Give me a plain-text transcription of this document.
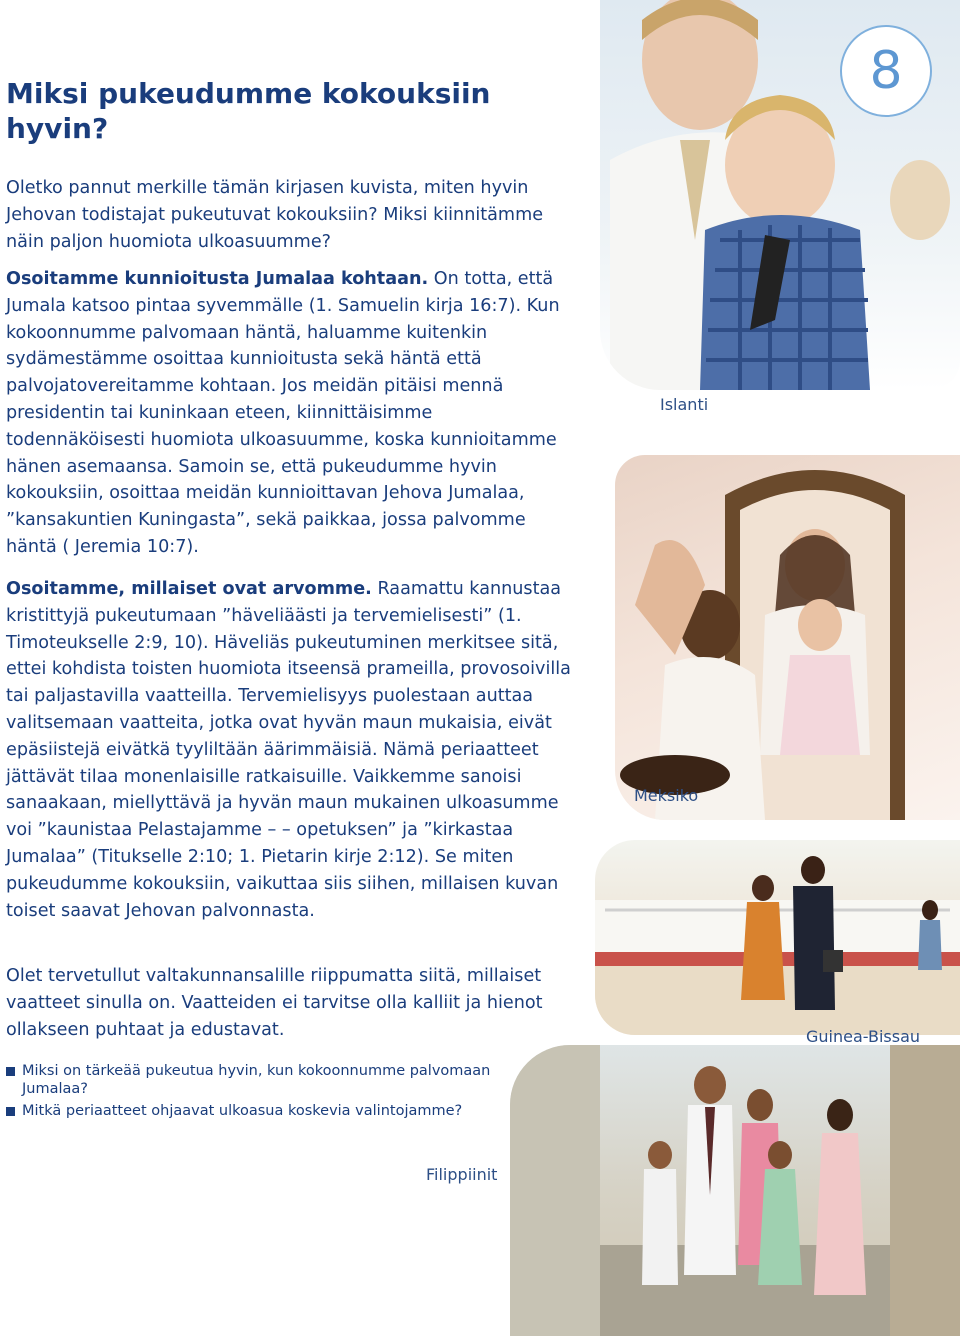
8
Islanti
Meksiko
Guinea-Bissau
Filippiinit
Miksi pukeudumme kokouksiin hyvin?

Oletko pannut merkille tämän kirjasen kuvista, miten hyvin Jehovan todistajat pukeutuvat kokouksiin? Miksi kiinnitämme näin paljon huomiota ulkoasuumme?

Osoitamme kunnioitusta Jumalaa kohtaan. On totta, että Jumala katsoo pintaa syvemmälle (1. Samuelin kirja 16:7). Kun kokoonnumme palvomaan häntä, haluamme kuitenkin sydämestämme osoittaa kunnioitusta sekä häntä että palvojatovereitamme kohtaan. Jos meidän pitäisi mennä presidentin tai kuninkaan eteen, kiinnittäisimme todennäköisesti huomiota ulkoasuumme, koska kunnioitamme hänen asemaansa. Samoin se, että pukeudumme hyvin kokouksiin, osoittaa meidän kunnioittavan Jehova Jumalaa, ”kansakuntien Kuningasta”, sekä paikkaa, jossa palvomme häntä ( Jeremia 10:7).

Osoitamme, millaiset ovat arvomme. Raamattu kannustaa kristittyjä pukeutumaan ”häveliäästi ja tervemielisesti” (1. Timoteukselle 2:9, 10). Häveliäs pukeutuminen merkitsee sitä, ettei kohdista toisten huomiota itseensä prameilla, provosoivilla tai paljastavilla vaatteilla. Tervemielisyys puolestaan auttaa valitsemaan vaatteita, jotka ovat hyvän maun mukaisia, eivät epäsiistejä eivätkä tyyliltään äärimmäisiä. Nämä periaatteet jättävät tilaa monenlaisille ratkaisuille. Vaikkemme sanoisi sanaakaan, miellyttävä ja hyvän maun mukainen ulkoasumme voi ”kaunistaa Pelastajamme – – opetuksen” ja ”kirkastaa Jumalaa” (Titukselle 2:10; 1. Pietarin kirje 2:12). Se miten pukeudumme kokouksiin, vaikuttaa siis siihen, millaisen kuvan toiset saavat Jehovan palvonnasta.

Olet tervetullut valtakunnansalille riippumatta siitä, millaiset vaatteet sinulla on. Vaatteiden ei tarvitse olla kalliit ja hienot ollakseen puhtaat ja edustavat.

Miksi on tärkeää pukeutua hyvin, kun kokoonnumme palvomaan Jumalaa?
Mitkä periaatteet ohjaavat ulkoasua koskevia valintojamme?
